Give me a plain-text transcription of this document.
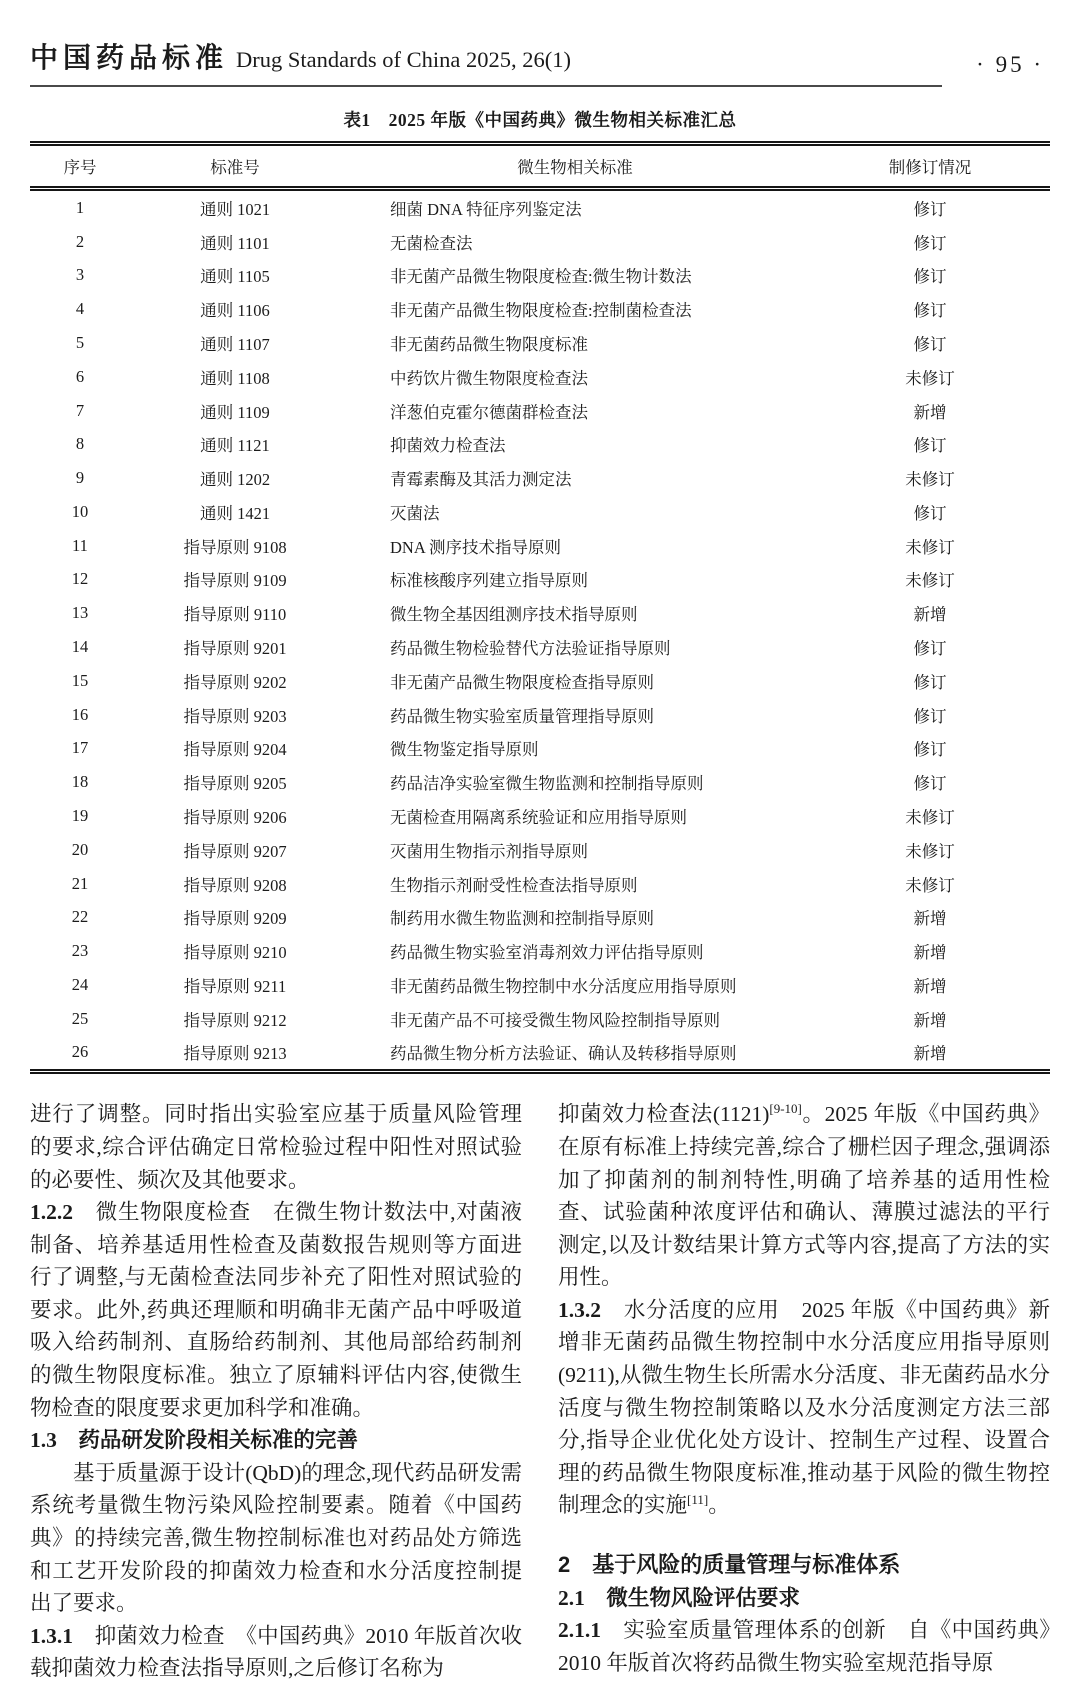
中国药品标准 Drug Standards of China 2025, 26(1)	· 95 ·
表1　2025 年版《中国药典》微生物相关标准汇总
序号	标准号	微生物相关标准	制修订情况
1	通则 1021	细菌 DNA 特征序列鉴定法	修订
2	通则 1101	无菌检查法	修订
3	通则 1105	非无菌产品微生物限度检查:微生物计数法	修订
4	通则 1106	非无菌产品微生物限度检查:控制菌检查法	修订
5	通则 1107	非无菌药品微生物限度标准	修订
6	通则 1108	中药饮片微生物限度检查法	未修订
7	通则 1109	洋葱伯克霍尔德菌群检查法	新增
8	通则 1121	抑菌效力检查法	修订
9	通则 1202	青霉素酶及其活力测定法	未修订
10	通则 1421	灭菌法	修订
11	指导原则 9108	DNA 测序技术指导原则	未修订
12	指导原则 9109	标准核酸序列建立指导原则	未修订
13	指导原则 9110	微生物全基因组测序技术指导原则	新增
14	指导原则 9201	药品微生物检验替代方法验证指导原则	修订
15	指导原则 9202	非无菌产品微生物限度检查指导原则	修订
16	指导原则 9203	药品微生物实验室质量管理指导原则	修订
17	指导原则 9204	微生物鉴定指导原则	修订
18	指导原则 9205	药品洁净实验室微生物监测和控制指导原则	修订
19	指导原则 9206	无菌检查用隔离系统验证和应用指导原则	未修订
20	指导原则 9207	灭菌用生物指示剂指导原则	未修订
21	指导原则 9208	生物指示剂耐受性检查法指导原则	未修订
22	指导原则 9209	制药用水微生物监测和控制指导原则	新增
23	指导原则 9210	药品微生物实验室消毒剂效力评估指导原则	新增
24	指导原则 9211	非无菌药品微生物控制中水分活度应用指导原则	新增
25	指导原则 9212	非无菌产品不可接受微生物风险控制指导原则	新增
26	指导原则 9213	药品微生物分析方法验证、确认及转移指导原则	新增
进行了调整。同时指出实验室应基于质量风险管理的要求,综合评估确定日常检验过程中阳性对照试验的必要性、频次及其他要求。
1.2.2　微生物限度检查　在微生物计数法中,对菌液制备、培养基适用性检查及菌数报告规则等方面进行了调整,与无菌检查法同步补充了阳性对照试验的要求。此外,药典还理顺和明确非无菌产品中呼吸道吸入给药制剂、直肠给药制剂、其他局部给药制剂的微生物限度标准。独立了原辅料评估内容,使微生物检查的限度要求更加科学和准确。
1.3　药品研发阶段相关标准的完善
基于质量源于设计(QbD)的理念,现代药品研发需系统考量微生物污染风险控制要素。随着《中国药典》的持续完善,微生物控制标准也对药品处方筛选和工艺开发阶段的抑菌效力检查和水分活度控制提出了要求。
1.3.1　抑菌效力检查　《中国药典》2010 年版首次收载抑菌效力检查法指导原则,之后修订名称为
抑菌效力检查法(1121)[9-10]。2025 年版《中国药典》在原有标准上持续完善,综合了栅栏因子理念,强调添加了抑菌剂的制剂特性,明确了培养基的适用性检查、试验菌种浓度评估和确认、薄膜过滤法的平行测定,以及计数结果计算方式等内容,提高了方法的实用性。
1.3.2　水分活度的应用　2025 年版《中国药典》新增非无菌药品微生物控制中水分活度应用指导原则(9211),从微生物生长所需水分活度、非无菌药品水分活度与微生物控制策略以及水分活度测定方法三部分,指导企业优化处方设计、控制生产过程、设置合理的药品微生物限度标准,推动基于风险的微生物控制理念的实施[11]。
2　基于风险的质量管理与标准体系
2.1　微生物风险评估要求
2.1.1　实验室质量管理体系的创新　自《中国药典》2010 年版首次将药品微生物实验室规范指导原
